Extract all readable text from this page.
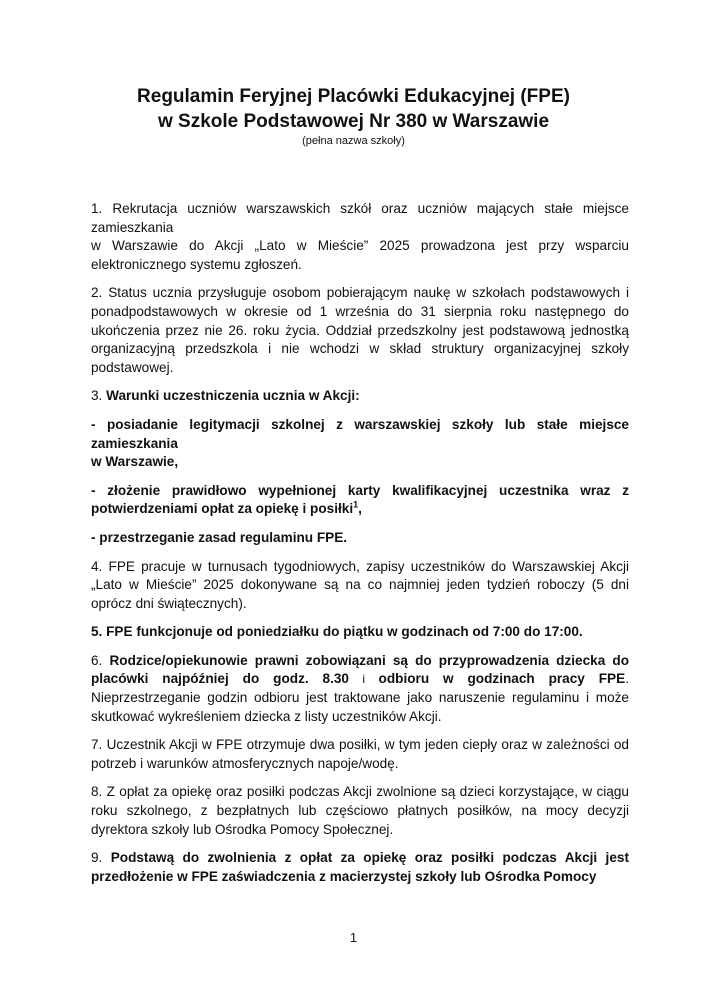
Regulamin Feryjnej Placówki Edukacyjnej (FPE)
w Szkole Podstawowej Nr 380 w Warszawie
(pełna nazwa szkoły)

1. Rekrutacja uczniów warszawskich szkół oraz uczniów mających stałe miejsce zamieszkania
w Warszawie do Akcji „Lato w Mieście” 2025 prowadzona jest przy wsparciu elektronicznego systemu zgłoszeń.

2. Status ucznia przysługuje osobom pobierającym naukę w szkołach podstawowych i ponadpodstawowych w okresie od 1 września do 31 sierpnia roku następnego do ukończenia przez nie 26. roku życia. Oddział przedszkolny jest podstawową jednostką organizacyjną przedszkola i nie wchodzi w skład struktury organizacyjnej szkoły podstawowej.

3. Warunki uczestniczenia ucznia w Akcji:

- posiadanie legitymacji szkolnej z warszawskiej szkoły lub stałe miejsce zamieszkania
w Warszawie,

- złożenie prawidłowo wypełnionej karty kwalifikacyjnej uczestnika wraz z potwierdzeniami opłat za opiekę i posiłki$^1$,

- przestrzeganie zasad regulaminu FPE.

4. FPE pracuje w turnusach tygodniowych, zapisy uczestników do Warszawskiej Akcji „Lato w Mieście” 2025 dokonywane są na co najmniej jeden tydzień roboczy (5 dni oprócz dni świątecznych).

5. FPE funkcjonuje od poniedziałku do piątku w godzinach od 7:00 do 17:00.

6. Rodzice/opiekunowie prawni zobowiązani są do przyprowadzenia dziecka do placówki najpóźniej do godz. 8.30 i odbioru w godzinach pracy FPE. Nieprzestrzeganie godzin odbioru jest traktowane jako naruszenie regulaminu i może skutkować wykreśleniem dziecka z listy uczestników Akcji.

7. Uczestnik Akcji w FPE otrzymuje dwa posiłki, w tym jeden ciepły oraz w zależności od potrzeb i warunków atmosferycznych napoje/wodę.

8. Z opłat za opiekę oraz posiłki podczas Akcji zwolnione są dzieci korzystające, w ciągu roku szkolnego, z bezpłatnych lub częściowo płatnych posiłków, na mocy decyzji dyrektora szkoły lub Ośrodka Pomocy Społecznej.

9. Podstawą do zwolnienia z opłat za opiekę oraz posiłki podczas Akcji jest przedłożenie w FPE zaświadczenia z macierzystej szkoły lub Ośrodka Pomocy

1
